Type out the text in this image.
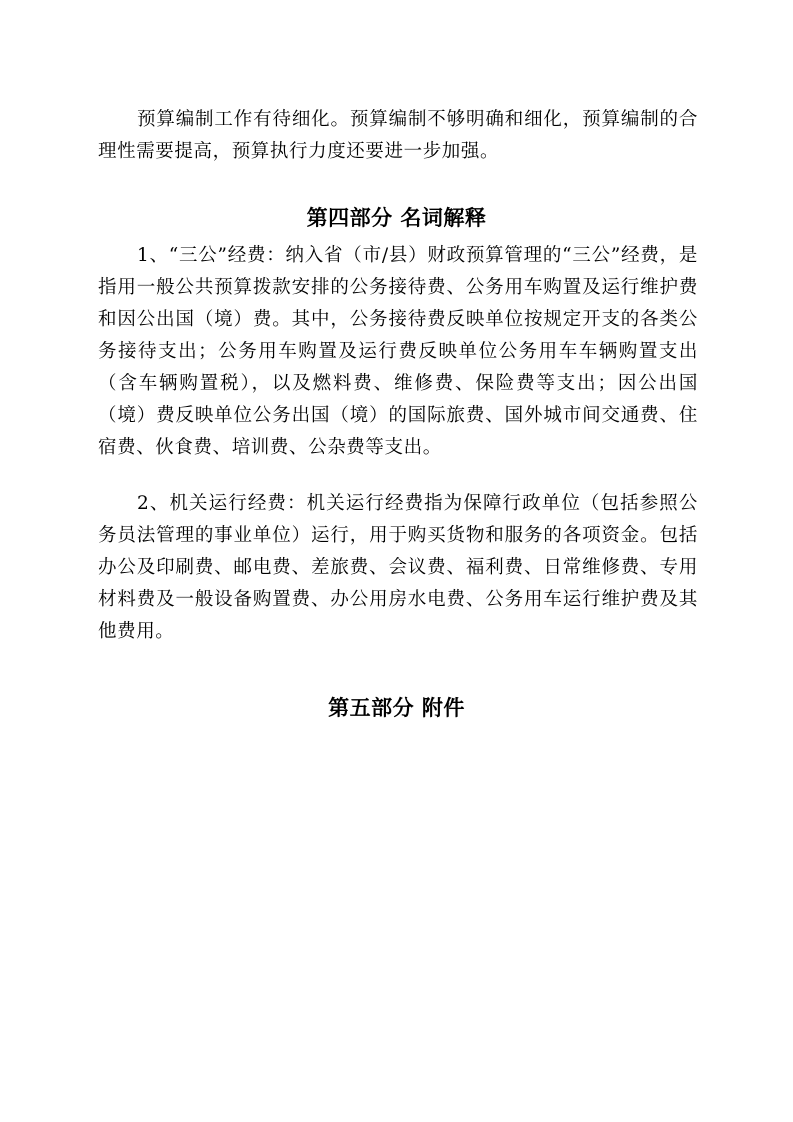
预算编制工作有待细化。预算编制不够明确和细化，预算编制的合理性需要提高，预算执行力度还要进一步加强。

第四部分 名词解释

1、“三公”经费：纳入省（市/县）财政预算管理的“三公”经费，是指用一般公共预算拨款安排的公务接待费、公务用车购置及运行维护费和因公出国（境）费。其中，公务接待费反映单位按规定开支的各类公务接待支出；公务用车购置及运行费反映单位公务用车车辆购置支出（含车辆购置税），以及燃料费、维修费、保险费等支出；因公出国（境）费反映单位公务出国（境）的国际旅费、国外城市间交通费、住宿费、伙食费、培训费、公杂费等支出。

2、机关运行经费：机关运行经费指为保障行政单位（包括参照公务员法管理的事业单位）运行，用于购买货物和服务的各项资金。包括办公及印刷费、邮电费、差旅费、会议费、福利费、日常维修费、专用材料费及一般设备购置费、办公用房水电费、公务用车运行维护费及其他费用。

第五部分 附件
